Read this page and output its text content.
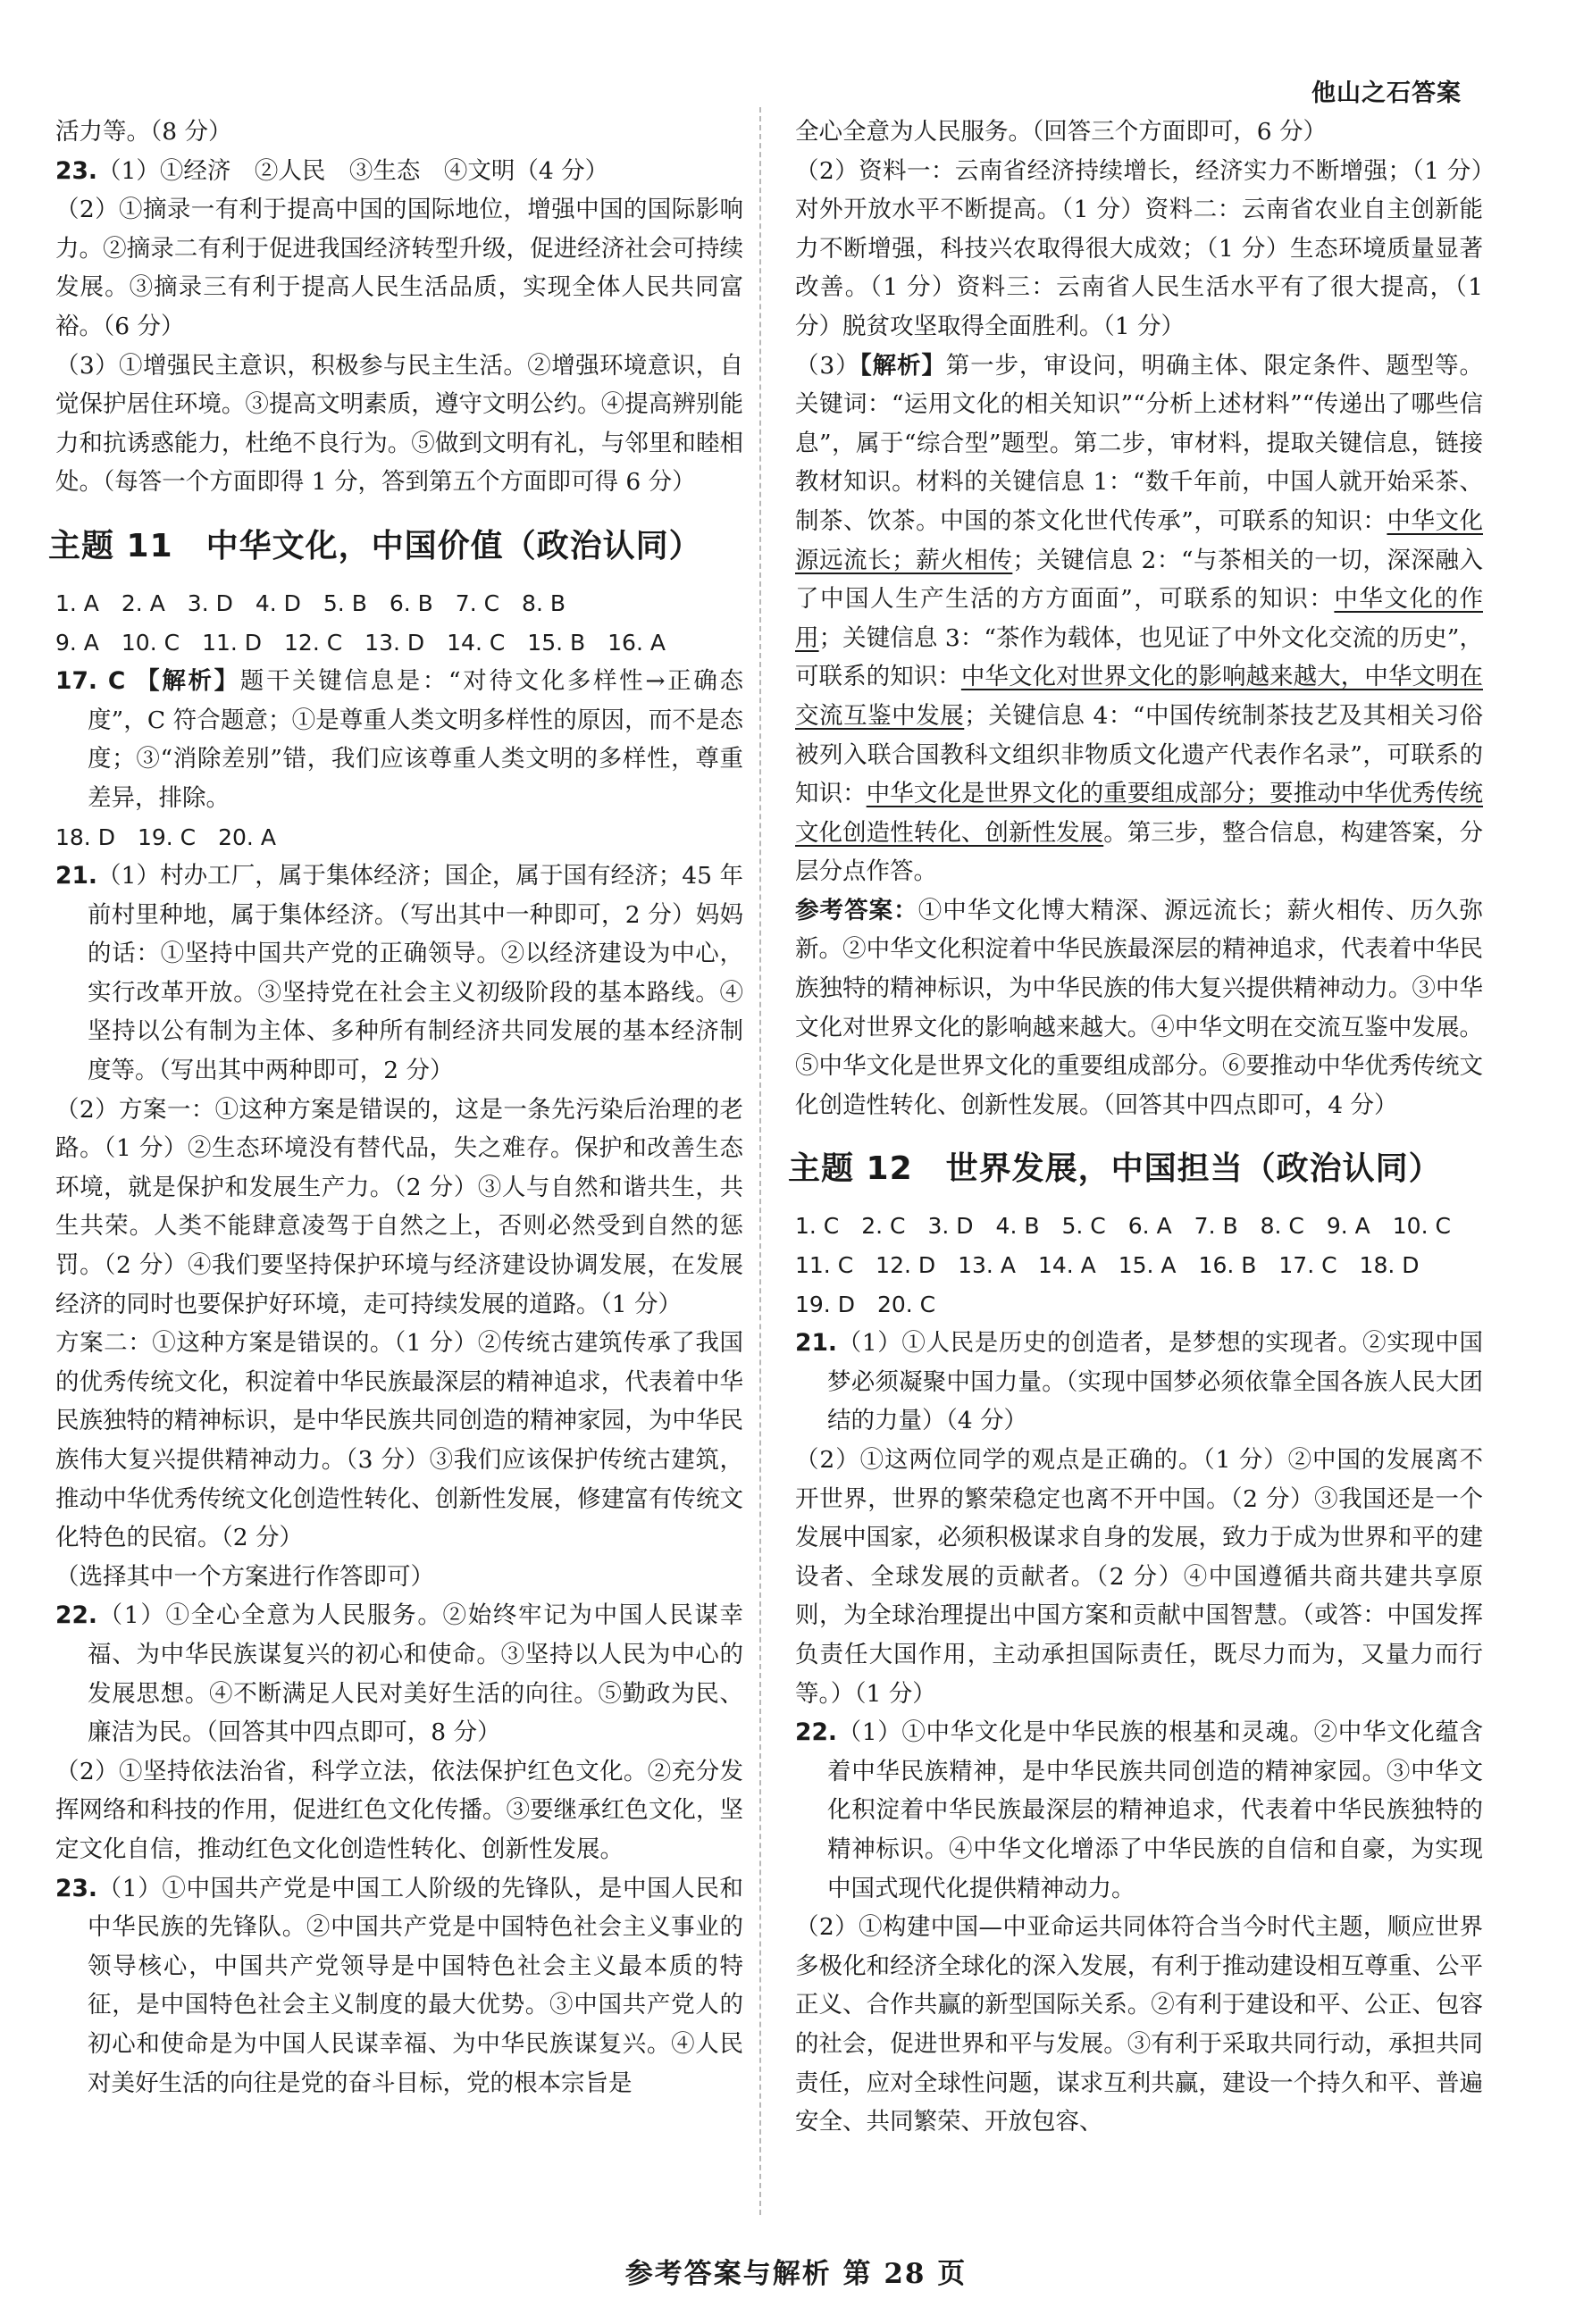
他山之石答案

活力等。（8 分）

23.（1）①经济　②人民　③生态　④文明（4 分）

（2）①摘录一有利于提高中国的国际地位，增强中国的国际影响力。②摘录二有利于促进我国经济转型升级，促进经济社会可持续发展。③摘录三有利于提高人民生活品质，实现全体人民共同富裕。（6 分）

（3）①增强民主意识，积极参与民主生活。②增强环境意识，自觉保护居住环境。③提高文明素质，遵守文明公约。④提高辨别能力和抗诱惑能力，杜绝不良行为。⑤做到文明有礼，与邻里和睦相处。（每答一个方面即得 1 分，答到第五个方面即可得 6 分）

主题 11　中华文化，中国价值（政治认同）

1. A　2. A　3. D　4. D　5. B　6. B　7. C　8. B

9. A　10. C　11. D　12. C　13. D　14. C　15. B　16. A

17. C 【解析】题干关键信息是：“对待文化多样性→正确态度”，C 符合题意；①是尊重人类文明多样性的原因，而不是态度；③“消除差别”错，我们应该尊重人类文明的多样性，尊重差异，排除。

18. D　19. C　20. A

21.（1）村办工厂，属于集体经济；国企，属于国有经济；45 年前村里种地，属于集体经济。（写出其中一种即可，2 分）妈妈的话：①坚持中国共产党的正确领导。②以经济建设为中心，实行改革开放。③坚持党在社会主义初级阶段的基本路线。④坚持以公有制为主体、多种所有制经济共同发展的基本经济制度等。（写出其中两种即可，2 分）

（2）方案一：①这种方案是错误的，这是一条先污染后治理的老路。（1 分）②生态环境没有替代品，失之难存。保护和改善生态环境，就是保护和发展生产力。（2 分）③人与自然和谐共生，共生共荣。人类不能肆意凌驾于自然之上，否则必然受到自然的惩罚。（2 分）④我们要坚持保护环境与经济建设协调发展，在发展经济的同时也要保护好环境，走可持续发展的道路。（1 分）

方案二：①这种方案是错误的。（1 分）②传统古建筑传承了我国的优秀传统文化，积淀着中华民族最深层的精神追求，代表着中华民族独特的精神标识，是中华民族共同创造的精神家园，为中华民族伟大复兴提供精神动力。（3 分）③我们应该保护传统古建筑，推动中华优秀传统文化创造性转化、创新性发展，修建富有传统文化特色的民宿。（2 分）

（选择其中一个方案进行作答即可）

22.（1）①全心全意为人民服务。②始终牢记为中国人民谋幸福、为中华民族谋复兴的初心和使命。③坚持以人民为中心的发展思想。④不断满足人民对美好生活的向往。⑤勤政为民、廉洁为民。（回答其中四点即可，8 分）

（2）①坚持依法治省，科学立法，依法保护红色文化。②充分发挥网络和科技的作用，促进红色文化传播。③要继承红色文化，坚定文化自信，推动红色文化创造性转化、创新性发展。

23.（1）①中国共产党是中国工人阶级的先锋队，是中国人民和中华民族的先锋队。②中国共产党是中国特色社会主义事业的领导核心，中国共产党领导是中国特色社会主义最本质的特征，是中国特色社会主义制度的最大优势。③中国共产党人的初心和使命是为中国人民谋幸福、为中华民族谋复兴。④人民对美好生活的向往是党的奋斗目标，党的根本宗旨是

全心全意为人民服务。（回答三个方面即可，6 分）

（2）资料一：云南省经济持续增长，经济实力不断增强；（1 分）对外开放水平不断提高。（1 分）资料二：云南省农业自主创新能力不断增强，科技兴农取得很大成效；（1 分）生态环境质量显著改善。（1 分）资料三：云南省人民生活水平有了很大提高，（1 分）脱贫攻坚取得全面胜利。（1 分）

（3）【解析】第一步，审设问，明确主体、限定条件、题型等。关键词：“运用文化的相关知识”“分析上述材料”“传递出了哪些信息”，属于“综合型”题型。第二步，审材料，提取关键信息，链接教材知识。材料的关键信息 1：“数千年前，中国人就开始采茶、制茶、饮茶。中国的茶文化世代传承”，可联系的知识：中华文化源远流长；薪火相传；关键信息 2：“与茶相关的一切，深深融入了中国人生产生活的方方面面”，可联系的知识：中华文化的作用；关键信息 3：“茶作为载体，也见证了中外文化交流的历史”，可联系的知识：中华文化对世界文化的影响越来越大，中华文明在交流互鉴中发展；关键信息 4：“中国传统制茶技艺及其相关习俗被列入联合国教科文组织非物质文化遗产代表作名录”，可联系的知识：中华文化是世界文化的重要组成部分；要推动中华优秀传统文化创造性转化、创新性发展。第三步，整合信息，构建答案，分层分点作答。

参考答案：①中华文化博大精深、源远流长；薪火相传、历久弥新。②中华文化积淀着中华民族最深层的精神追求，代表着中华民族独特的精神标识，为中华民族的伟大复兴提供精神动力。③中华文化对世界文化的影响越来越大。④中华文明在交流互鉴中发展。⑤中华文化是世界文化的重要组成部分。⑥要推动中华优秀传统文化创造性转化、创新性发展。（回答其中四点即可，4 分）

主题 12　世界发展，中国担当（政治认同）

1. C　2. C　3. D　4. B　5. C　6. A　7. B　8. C　9. A　10. C

11. C　12. D　13. A　14. A　15. A　16. B　17. C　18. D

19. D　20. C

21.（1）①人民是历史的创造者，是梦想的实现者。②实现中国梦必须凝聚中国力量。（实现中国梦必须依靠全国各族人民大团结的力量）（4 分）

（2）①这两位同学的观点是正确的。（1 分）②中国的发展离不开世界，世界的繁荣稳定也离不开中国。（2 分）③我国还是一个发展中国家，必须积极谋求自身的发展，致力于成为世界和平的建设者、全球发展的贡献者。（2 分）④中国遵循共商共建共享原则，为全球治理提出中国方案和贡献中国智慧。（或答：中国发挥负责任大国作用，主动承担国际责任，既尽力而为，又量力而行等。）（1 分）

22.（1）①中华文化是中华民族的根基和灵魂。②中华文化蕴含着中华民族精神，是中华民族共同创造的精神家园。③中华文化积淀着中华民族最深层的精神追求，代表着中华民族独特的精神标识。④中华文化增添了中华民族的自信和自豪，为实现中国式现代化提供精神动力。

（2）①构建中国—中亚命运共同体符合当今时代主题，顺应世界多极化和经济全球化的深入发展，有利于推动建设相互尊重、公平正义、合作共赢的新型国际关系。②有利于建设和平、公正、包容的社会，促进世界和平与发展。③有利于采取共同行动，承担共同责任，应对全球性问题，谋求互利共赢，建设一个持久和平、普遍安全、共同繁荣、开放包容、

参考答案与解析 第 28 页
